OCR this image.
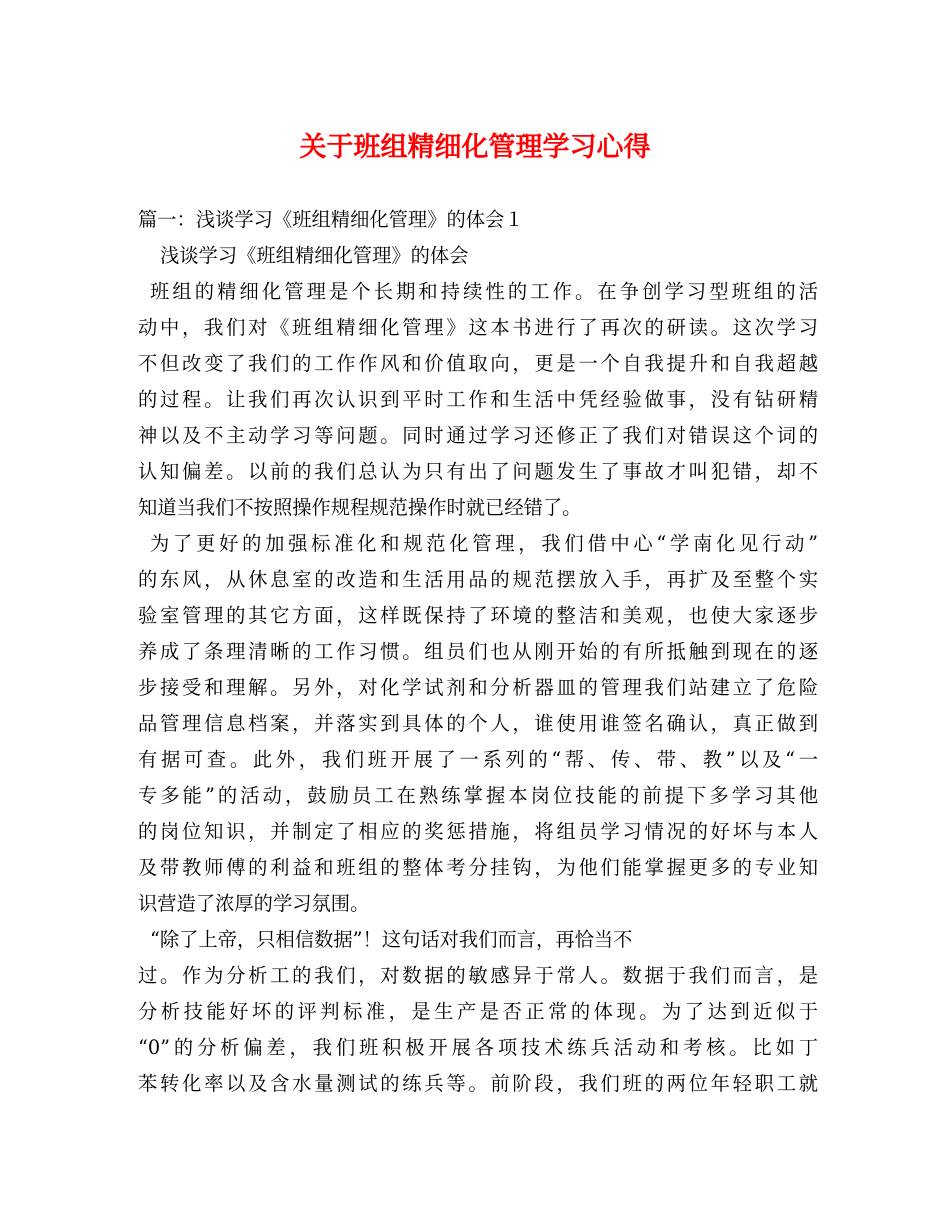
关于班组精细化管理学习心得
篇一：浅谈学习《班组精细化管理》的体会１
浅谈学习《班组精细化管理》的体会
班组的精细化管理是个长期和持续性的工作。在争创学习型班组的活
动中，我们对《班组精细化管理》这本书进行了再次的研读。这次学习
不但改变了我们的工作作风和价值取向，更是一个自我提升和自我超越
的过程。让我们再次认识到平时工作和生活中凭经验做事，没有钻研精
神以及不主动学习等问题。同时通过学习还修正了我们对错误这个词的
认知偏差。以前的我们总认为只有出了问题发生了事故才叫犯错，却不
知道当我们不按照操作规程规范操作时就已经错了。
为了更好的加强标准化和规范化管理，我们借中心“学南化见行动”
的东风，从休息室的改造和生活用品的规范摆放入手，再扩及至整个实
验室管理的其它方面，这样既保持了环境的整洁和美观，也使大家逐步
养成了条理清晰的工作习惯。组员们也从刚开始的有所抵触到现在的逐
步接受和理解。另外，对化学试剂和分析器皿的管理我们站建立了危险
品管理信息档案，并落实到具体的个人，谁使用谁签名确认，真正做到
有据可查。此外，我们班开展了一系列的“帮、传、带、教”以及“一
专多能”的活动，鼓励员工在熟练掌握本岗位技能的前提下多学习其他
的岗位知识，并制定了相应的奖惩措施，将组员学习情况的好坏与本人
及带教师傅的利益和班组的整体考分挂钩，为他们能掌握更多的专业知
识营造了浓厚的学习氛围。
“除了上帝，只相信数据”！这句话对我们而言，再恰当不
过。作为分析工的我们，对数据的敏感异于常人。数据于我们而言，是
分析技能好坏的评判标准，是生产是否正常的体现。为了达到近似于
“0”的分析偏差，我们班积极开展各项技术练兵活动和考核。比如丁
苯转化率以及含水量测试的练兵等。前阶段，我们班的两位年轻职工就
